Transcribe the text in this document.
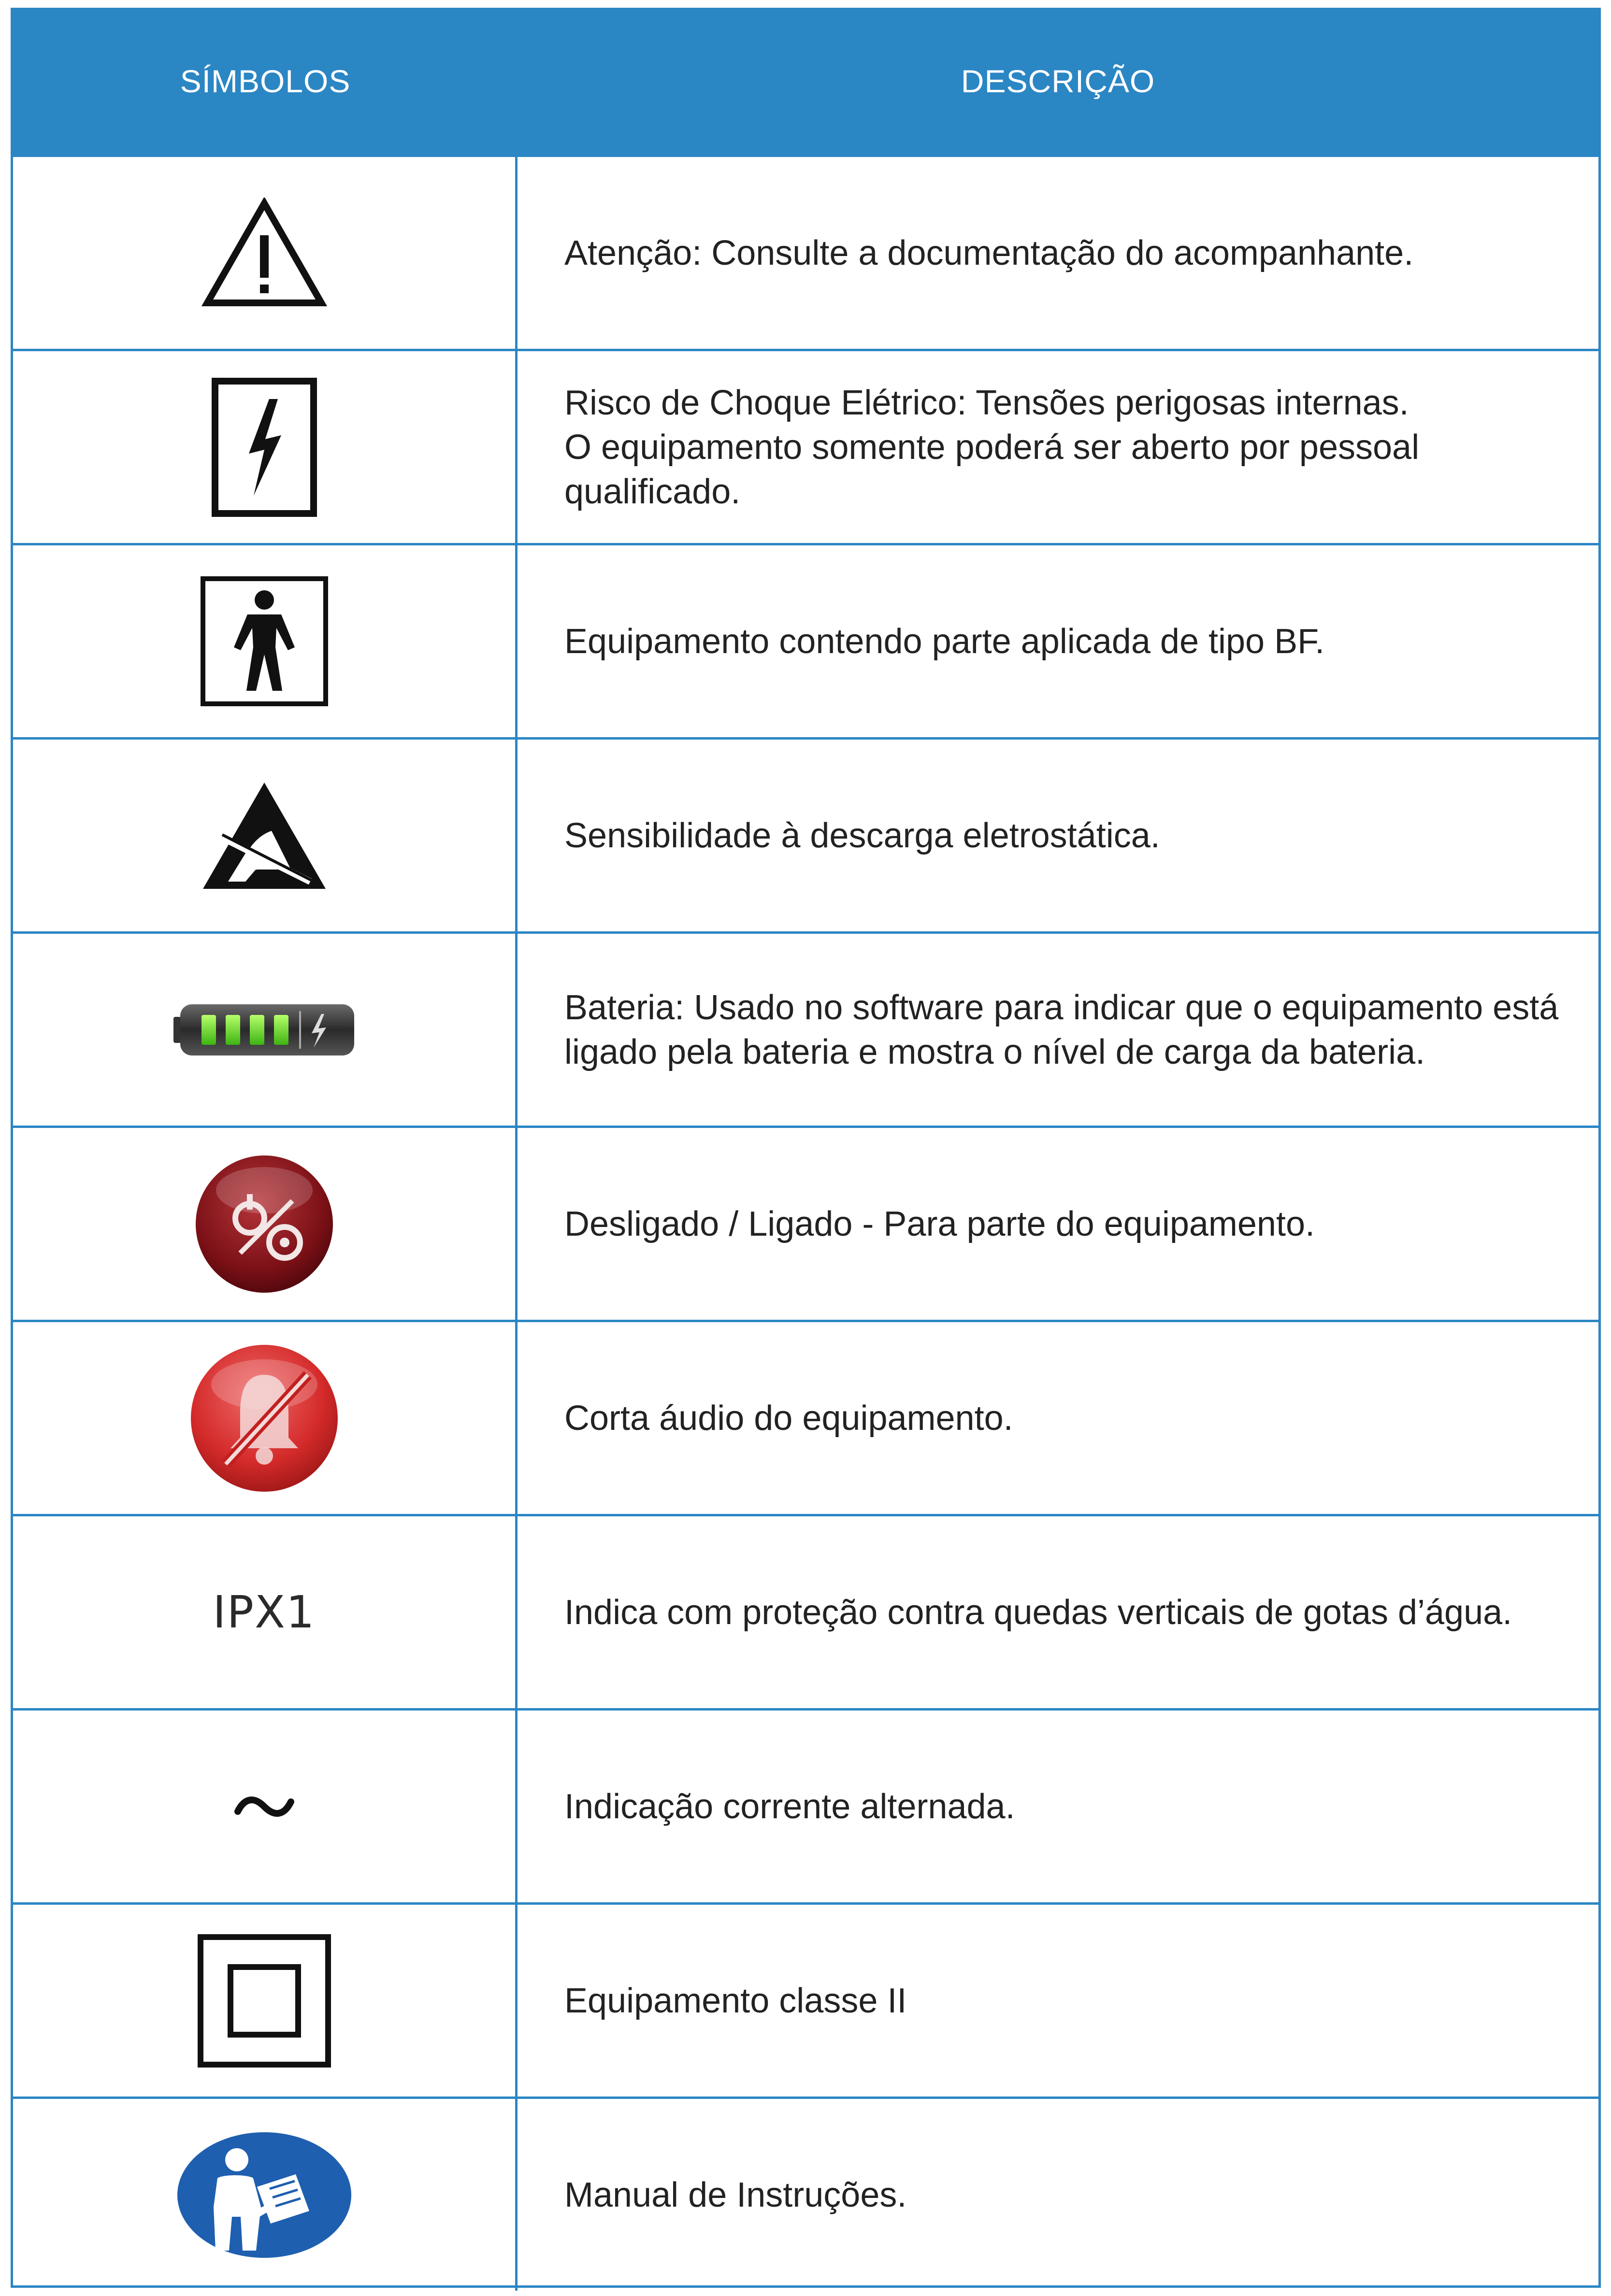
SÍMBOLOS	DESCRIÇÃO
Atenção: Consulte a documentação do acompanhante.
Risco de Choque Elétrico: Tensões perigosas internas.
O equipamento somente poderá ser aberto por pessoal qualificado.
Equipamento contendo parte aplicada de tipo BF.
Sensibilidade à descarga eletrostática.
Bateria: Usado no software para indicar que o equipamento está
ligado pela bateria e mostra o nível de carga da bateria.
Desligado / Ligado - Para parte do equipamento.
Corta áudio do equipamento.
IPX1	Indica com proteção contra quedas verticais de gotas d’água.
Indicação corrente alternada.
Equipamento classe II
Manual de Instruções.
